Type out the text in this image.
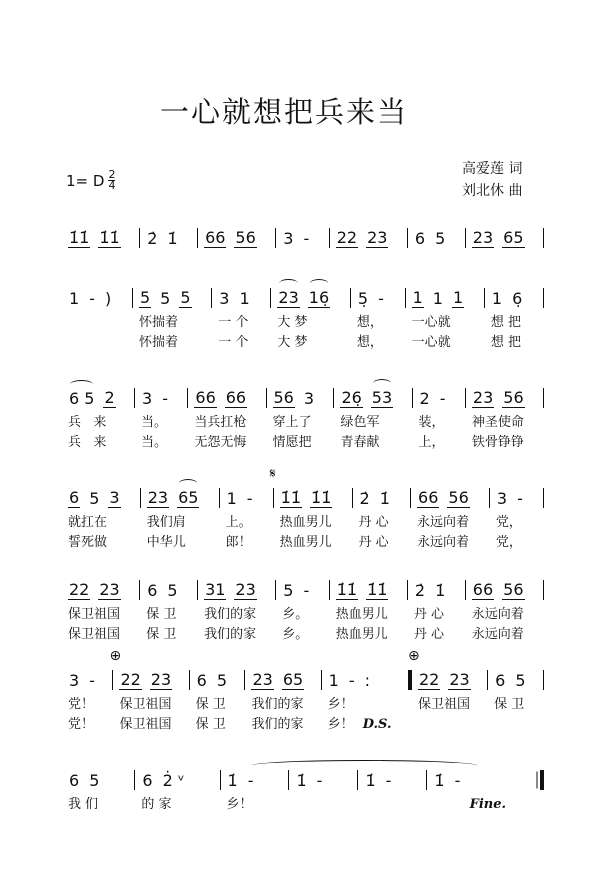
一心就想把兵来当
1= D $\frac{2}{4}$
高爱莲 词
刘北休 曲
1̇1̇ 1̇1̇ 2̇ 1̇ 66 56 3 - 22 23 6 5 23 65
1 - ) 5 5 5
怀揣着
怀揣着
3 1
一 个
一 个
23 16̣
大 梦
大 梦
5̣ -
想，
想，
1 1 1
一心就
一心就
1 6̣
想 把
想 把
6 5 2
兵   来
兵   来
3 -
当。
当。
66 66
当兵扛枪
无怨无悔
56 3
穿上了
情愿把
26̣ 53
绿色军
青春献
2 -
装，
上，
23 56
神圣使命
铁骨铮铮
6 5 3
就扛在
誓死做
23 65
我们肩
中华儿
1 -
上。
郎！
𝄋
1̇1̇ 1̇1̇
热血男儿
热血男儿
2̇ 1̇
丹 心
丹 心
66 56
永远向着
永远向着
3 -
党，
党，
22 23
保卫祖国
保卫祖国
6 5
保 卫
保 卫
31 23
我们的家
我们的家
5 -
乡。
乡。
1̇1̇ 1̇1̇
热血男儿
热血男儿
2̇ 1̇
丹 心
丹 心
66 56
永远向着
永远向着
3 -
党！
党！
⊕
22 23
保卫祖国
保卫祖国
6 5
保 卫
保 卫
23 65
我们的家
我们的家
1 - :
乡！
乡！  D.S.
⊕
22 23
保卫祖国
6 5
保 卫
6 5
我 们
6 2̇ ᵛ
的 家
1̇ -
乡！
1̇ -	1̇ -	1̇ -
Fine.
